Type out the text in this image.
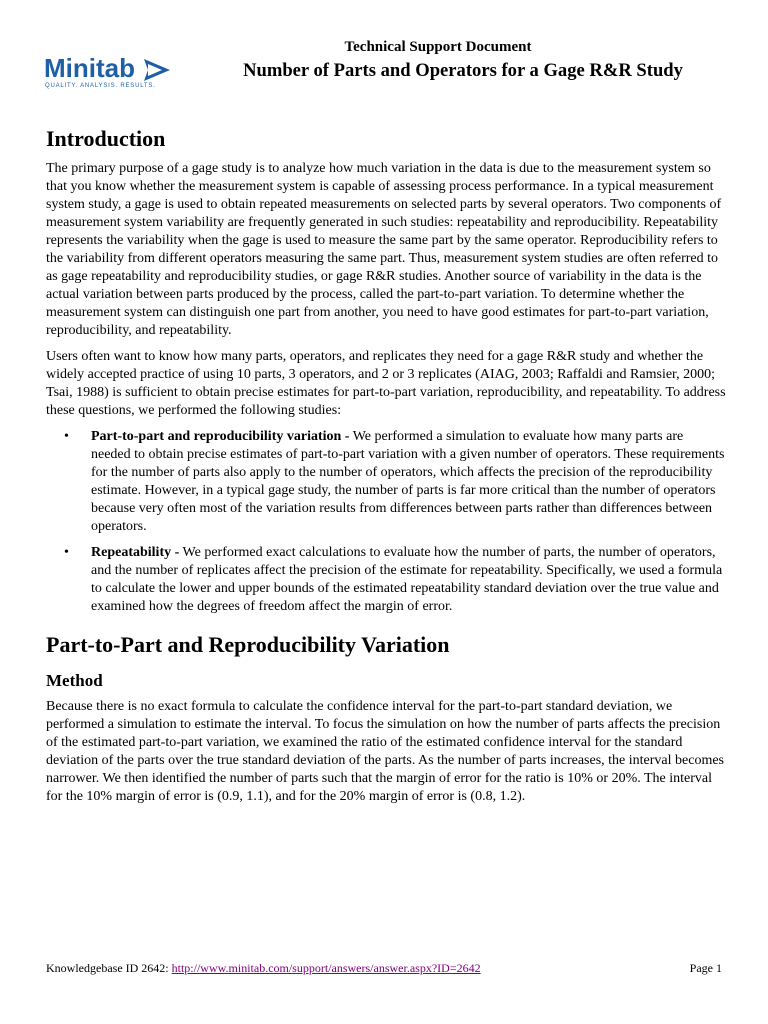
Minitab
QUALITY. ANALYSIS. RESULTS.
Technical Support Document
Number of Parts and Operators for a Gage R&R Study
Introduction

The primary purpose of a gage study is to analyze how much variation in the data is due to the measurement system so that you know whether the measurement system is capable of assessing process performance. In a typical measurement system study, a gage is used to obtain repeated measurements on selected parts by several operators. Two components of measurement system variability are frequently generated in such studies: repeatability and reproducibility. Repeatability represents the variability when the gage is used to measure the same part by the same operator. Reproducibility refers to the variability from different operators measuring the same part. Thus, measurement system studies are often referred to as gage repeatability and reproducibility studies, or gage R&R studies. Another source of variability in the data is the actual variation between parts produced by the process, called the part-to-part variation. To determine whether the measurement system can distinguish one part from another, you need to have good estimates for part-to-part variation, reproducibility, and repeatability.

Users often want to know how many parts, operators, and replicates they need for a gage R&R study and whether the widely accepted practice of using 10 parts, 3 operators, and 2 or 3 replicates (AIAG, 2003; Raffaldi and Ramsier, 2000; Tsai, 1988) is sufficient to obtain precise estimates for part-to-part variation, reproducibility, and repeatability. To address these questions, we performed the following studies:

• Part-to-part and reproducibility variation - We performed a simulation to evaluate how many parts are needed to obtain precise estimates of part-to-part variation with a given number of operators. These requirements for the number of parts also apply to the number of operators, which affects the precision of the reproducibility estimate. However, in a typical gage study, the number of parts is far more critical than the number of operators because very often most of the variation results from differences between parts rather than differences between operators.
• Repeatability - We performed exact calculations to evaluate how the number of parts, the number of operators, and the number of replicates affect the precision of the estimate for repeatability. Specifically, we used a formula to calculate the lower and upper bounds of the estimated repeatability standard deviation over the true value and examined how the degrees of freedom affect the margin of error.
Part-to-Part and Reproducibility Variation
Method

Because there is no exact formula to calculate the confidence interval for the part-to-part standard deviation, we performed a simulation to estimate the interval. To focus the simulation on how the number of parts affects the precision of the estimated part-to-part variation, we examined the ratio of the estimated confidence interval for the standard deviation of the parts over the true standard deviation of the parts. As the number of parts increases, the interval becomes narrower. We then identified the number of parts such that the margin of error for the ratio is 10% or 20%. The interval for the 10% margin of error is (0.9, 1.1), and for the 20% margin of error is (0.8, 1.2).

Knowledgebase ID 2642: http://www.minitab.com/support/answers/answer.aspx?ID=2642	Page 1
